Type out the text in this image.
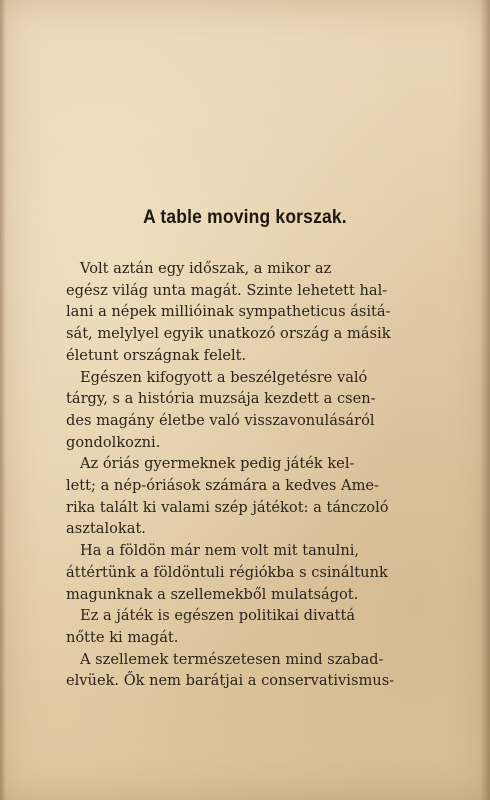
A table moving korszak.

Volt aztán egy időszak, a mikor az
egész világ unta magát. Szinte lehetett hal-
lani a népek millióinak sympatheticus ásitá-
sát, melylyel egyik unatkozó ország a másik
életunt országnak felelt.

Egészen kifogyott a beszélgetésre való
tárgy, s a história muzsája kezdett a csen-
des magány életbe való visszavonulásáról
gondolkozni.

Az óriás gyermeknek pedig játék kel-
lett; a nép-óriások számára a kedves Ame-
rika talált ki valami szép játékot: a tánczoló
asztalokat.

Ha a földön már nem volt mit tanulni,
áttértünk a földöntuli régiókba s csináltunk
magunknak a szellemekből mulatságot.

Ez a játék is egészen politikai divattá
nőtte ki magát.

A szellemek természetesen mind szabad-
elvüek. Ők nem barátjai a conservativismus-
